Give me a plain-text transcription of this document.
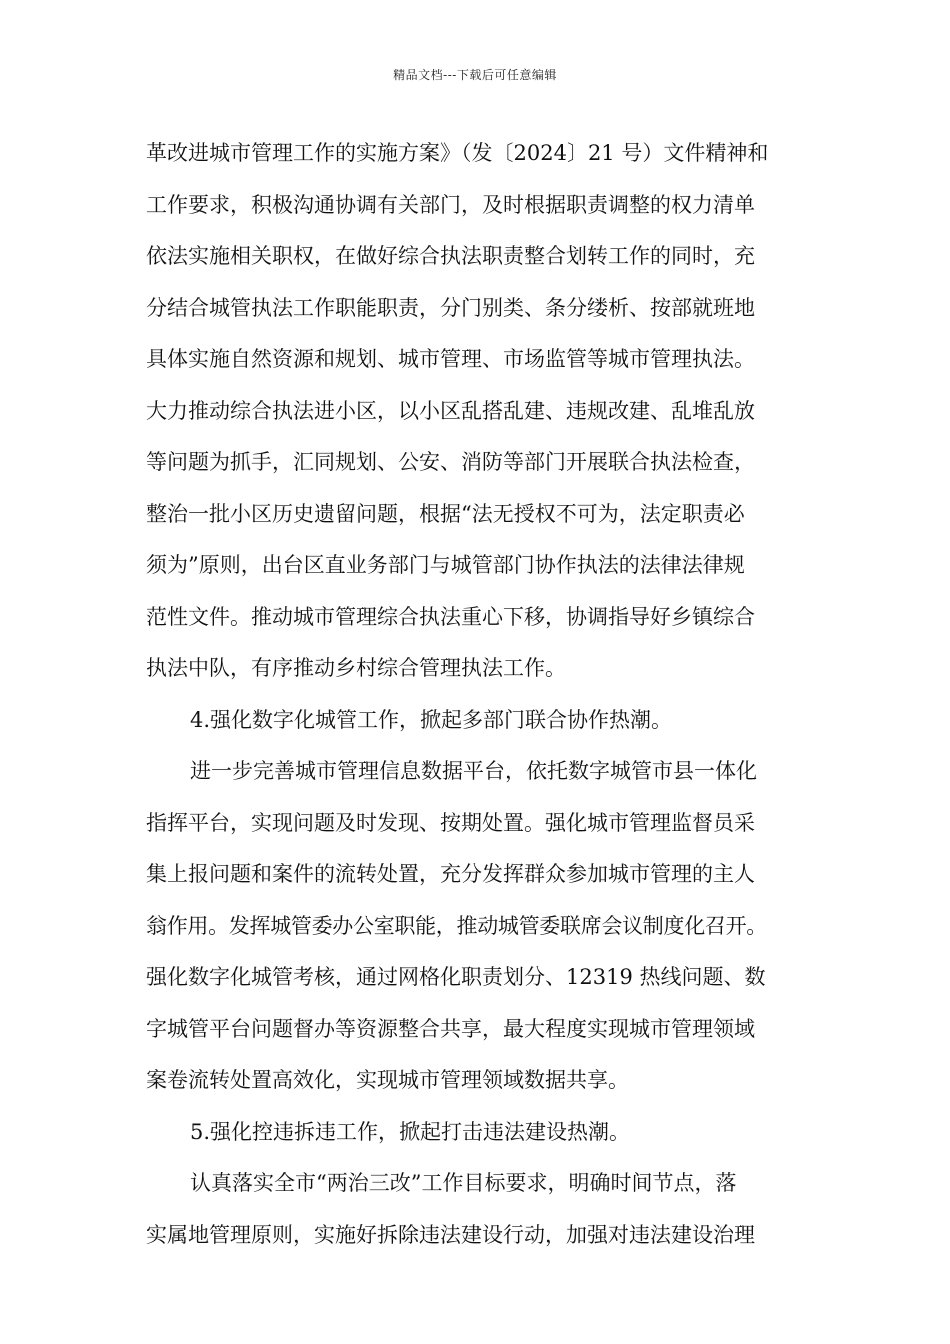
精品文档---下载后可任意编辑
革改进城市管理工作的实施方案》（发〔2024〕21 号）文件精神和
工作要求，积极沟通协调有关部门，及时根据职责调整的权力清单
依法实施相关职权，在做好综合执法职责整合划转工作的同时，充
分结合城管执法工作职能职责，分门别类、条分缕析、按部就班地
具体实施自然资源和规划、城市管理、市场监管等城市管理执法。
大力推动综合执法进小区，以小区乱搭乱建、违规改建、乱堆乱放
等问题为抓手，汇同规划、公安、消防等部门开展联合执法检查，
整治一批小区历史遗留问题，根据“法无授权不可为，法定职责必
须为”原则，出台区直业务部门与城管部门协作执法的法律法律规
范性文件。推动城市管理综合执法重心下移，协调指导好乡镇综合
执法中队，有序推动乡村综合管理执法工作。
4.强化数字化城管工作，掀起多部门联合协作热潮。
进一步完善城市管理信息数据平台，依托数字城管市县一体化
指挥平台，实现问题及时发现、按期处置。强化城市管理监督员采
集上报问题和案件的流转处置，充分发挥群众参加城市管理的主人
翁作用。发挥城管委办公室职能，推动城管委联席会议制度化召开。
强化数字化城管考核，通过网格化职责划分、12319 热线问题、数
字城管平台问题督办等资源整合共享，最大程度实现城市管理领域
案卷流转处置高效化，实现城市管理领域数据共享。
5.强化控违拆违工作，掀起打击违法建设热潮。
认真落实全市“两治三改”工作目标要求，明确时间节点，落
实属地管理原则，实施好拆除违法建设行动，加强对违法建设治理
